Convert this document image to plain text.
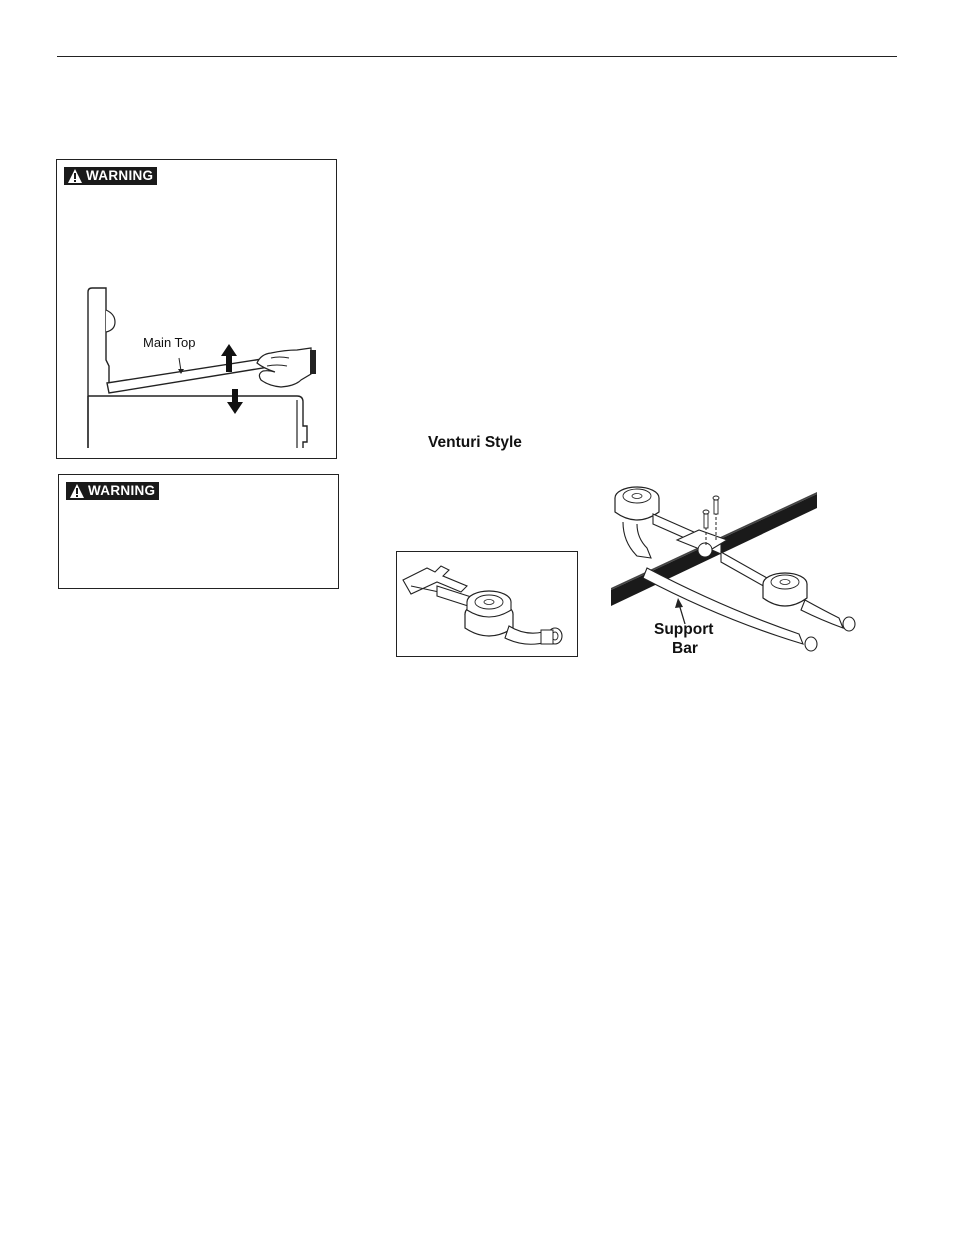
WARNING
Main Top
WARNING
Venturi Style
Support
Bar
